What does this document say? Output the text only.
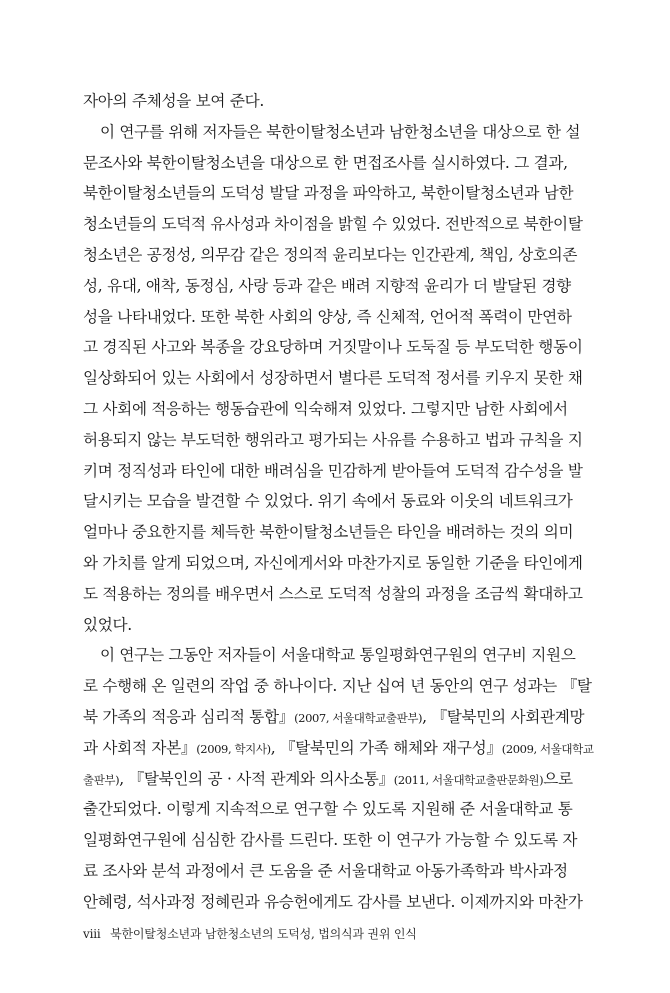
자아의 주체성을 보여 준다.
이 연구를 위해 저자들은 북한이탈청소년과 남한청소년을 대상으로 한 설
문조사와 북한이탈청소년을 대상으로 한 면접조사를 실시하였다. 그 결과,
북한이탈청소년들의 도덕성 발달 과정을 파악하고, 북한이탈청소년과 남한
청소년들의 도덕적 유사성과 차이점을 밝힐 수 있었다. 전반적으로 북한이탈
청소년은 공정성, 의무감 같은 정의적 윤리보다는 인간관계, 책임, 상호의존
성, 유대, 애착, 동정심, 사랑 등과 같은 배려 지향적 윤리가 더 발달된 경향
성을 나타내었다. 또한 북한 사회의 양상, 즉 신체적, 언어적 폭력이 만연하
고 경직된 사고와 복종을 강요당하며 거짓말이나 도둑질 등 부도덕한 행동이
일상화되어 있는 사회에서 성장하면서 별다른 도덕적 정서를 키우지 못한 채
그 사회에 적응하는 행동습관에 익숙해져 있었다. 그렇지만 남한 사회에서
허용되지 않는 부도덕한 행위라고 평가되는 사유를 수용하고 법과 규칙을 지
키며 정직성과 타인에 대한 배려심을 민감하게 받아들여 도덕적 감수성을 발
달시키는 모습을 발견할 수 있었다. 위기 속에서 동료와 이웃의 네트워크가
얼마나 중요한지를 체득한 북한이탈청소년들은 타인을 배려하는 것의 의미
와 가치를 알게 되었으며, 자신에게서와 마찬가지로 동일한 기준을 타인에게
도 적용하는 정의를 배우면서 스스로 도덕적 성찰의 과정을 조금씩 확대하고
있었다.
이 연구는 그동안 저자들이 서울대학교 통일평화연구원의 연구비 지원으
로 수행해 온 일련의 작업 중 하나이다. 지난 십여 년 동안의 연구 성과는 『탈
북 가족의 적응과 심리적 통합』(2007, 서울대학교출판부), 『탈북민의 사회관계망
과 사회적 자본』(2009, 학지사), 『탈북민의 가족 해체와 재구성』(2009, 서울대학교
출판부), 『탈북인의 공 · 사적 관계와 의사소통』(2011, 서울대학교출판문화원)으로
출간되었다. 이렇게 지속적으로 연구할 수 있도록 지원해 준 서울대학교 통
일평화연구원에 심심한 감사를 드린다. 또한 이 연구가 가능할 수 있도록 자
료 조사와 분석 과정에서 큰 도움을 준 서울대학교 아동가족학과 박사과정
안혜령, 석사과정 정혜린과 유승헌에게도 감사를 보낸다. 이제까지와 마찬가
viii 북한이탈청소년과 남한청소년의 도덕성, 법의식과 권위 인식
